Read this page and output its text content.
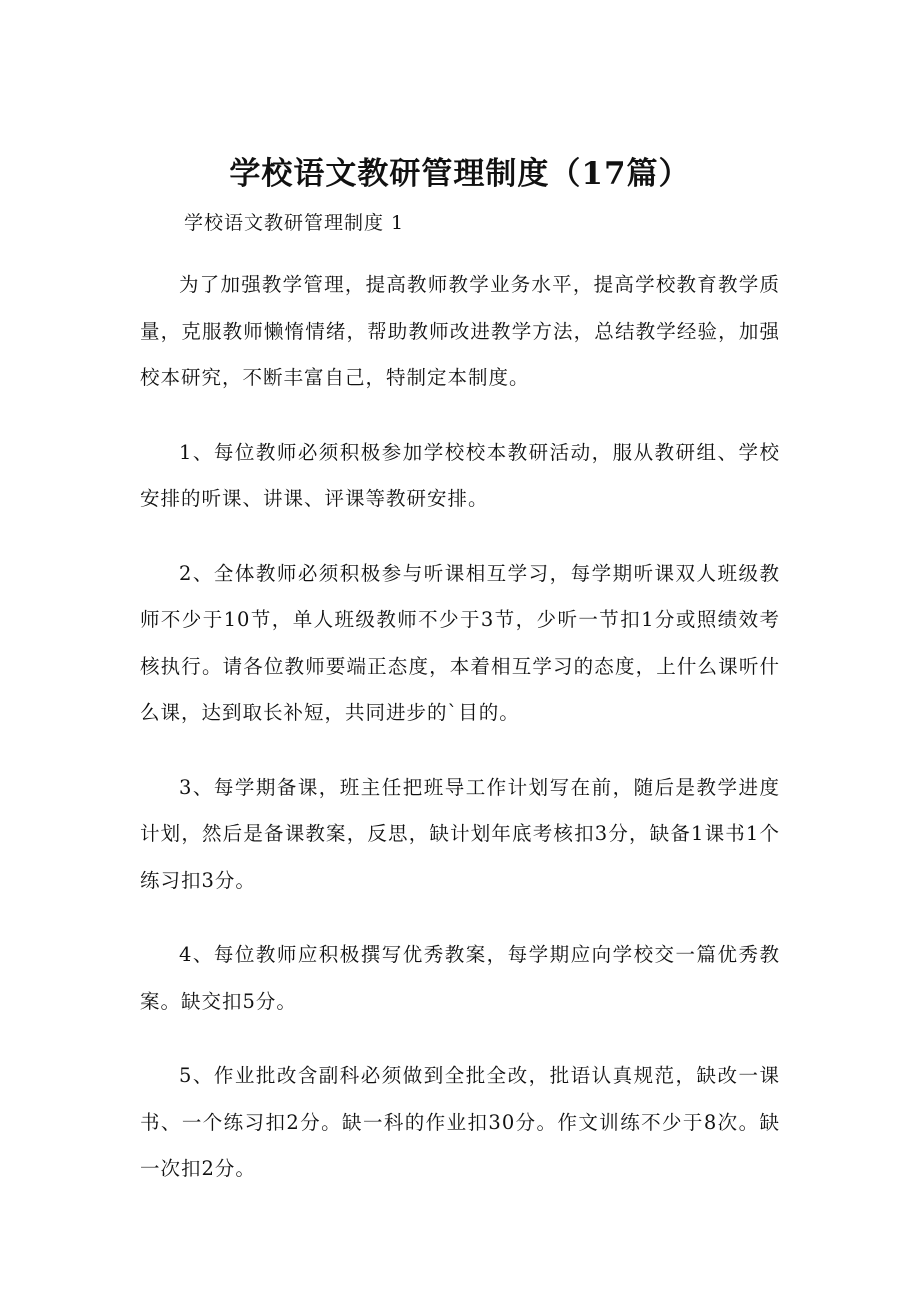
学校语文教研管理制度（17篇）
学校语文教研管理制度 1

为了加强教学管理，提高教师教学业务水平，提高学校教育教学质量，克服教师懒惰情绪，帮助教师改进教学方法，总结教学经验，加强校本研究，不断丰富自己，特制定本制度。

1、每位教师必须积极参加学校校本教研活动，服从教研组、学校安排的听课、讲课、评课等教研安排。

2、全体教师必须积极参与听课相互学习，每学期听课双人班级教师不少于10节，单人班级教师不少于3节，少听一节扣1分或照绩效考核执行。请各位教师要端正态度，本着相互学习的态度，上什么课听什么课，达到取长补短，共同进步的`目的。

3、每学期备课，班主任把班导工作计划写在前，随后是教学进度计划，然后是备课教案，反思，缺计划年底考核扣3分，缺备1课书1个练习扣3分。

4、每位教师应积极撰写优秀教案，每学期应向学校交一篇优秀教案。缺交扣5分。

5、作业批改含副科必须做到全批全改，批语认真规范，缺改一课书、一个练习扣2分。缺一科的作业扣30分。作文训练不少于8次。缺一次扣2分。
